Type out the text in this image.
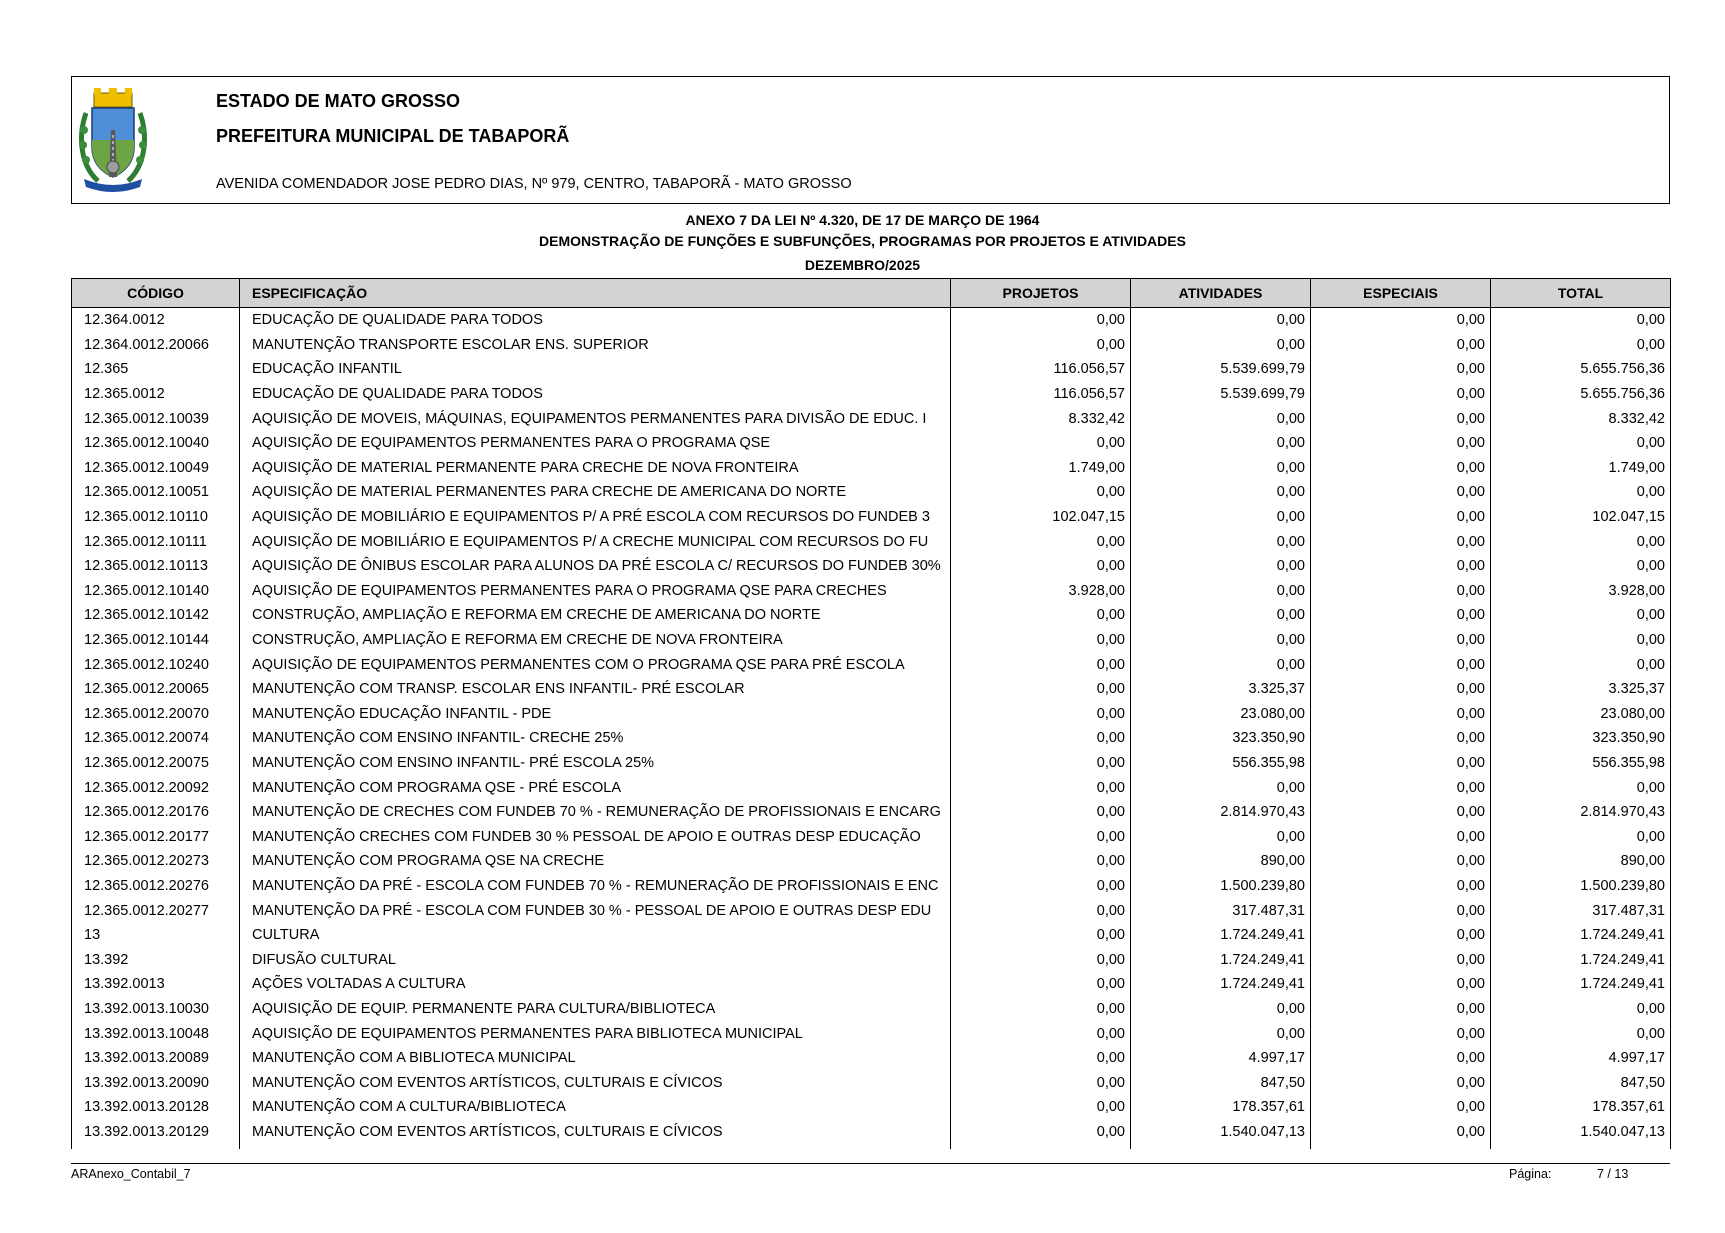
ESTADO DE MATO GROSSO
PREFEITURA MUNICIPAL DE TABAPORÃ
AVENIDA COMENDADOR JOSE PEDRO DIAS, Nº 979, CENTRO, TABAPORÃ - MATO GROSSO
ANEXO 7 DA LEI Nº 4.320, DE 17 DE MARÇO DE 1964
DEMONSTRAÇÃO DE FUNÇÕES E SUBFUNÇÕES, PROGRAMAS POR PROJETOS E ATIVIDADES
DEZEMBRO/2025
CÓDIGO	ESPECIFICAÇÃO	PROJETOS	ATIVIDADES	ESPECIAIS	TOTAL
12.364.0012	EDUCAÇÃO DE QUALIDADE PARA TODOS	0,00	0,00	0,00	0,00
12.364.0012.20066	MANUTENÇÃO TRANSPORTE ESCOLAR ENS. SUPERIOR	0,00	0,00	0,00	0,00
12.365	EDUCAÇÃO INFANTIL	116.056,57	5.539.699,79	0,00	5.655.756,36
12.365.0012	EDUCAÇÃO DE QUALIDADE PARA TODOS	116.056,57	5.539.699,79	0,00	5.655.756,36
12.365.0012.10039	AQUISIÇÃO DE MOVEIS, MÁQUINAS, EQUIPAMENTOS PERMANENTES PARA DIVISÃO DE EDUC. I	8.332,42	0,00	0,00	8.332,42
12.365.0012.10040	AQUISIÇÃO DE EQUIPAMENTOS PERMANENTES PARA O PROGRAMA QSE	0,00	0,00	0,00	0,00
12.365.0012.10049	AQUISIÇÃO DE MATERIAL PERMANENTE PARA CRECHE DE NOVA FRONTEIRA	1.749,00	0,00	0,00	1.749,00
12.365.0012.10051	AQUISIÇÃO DE MATERIAL PERMANENTES PARA CRECHE DE AMERICANA DO NORTE	0,00	0,00	0,00	0,00
12.365.0012.10110	AQUISIÇÃO DE MOBILIÁRIO E EQUIPAMENTOS P/ A PRÉ ESCOLA COM RECURSOS DO FUNDEB 3	102.047,15	0,00	0,00	102.047,15
12.365.0012.10111	AQUISIÇÃO DE MOBILIÁRIO E EQUIPAMENTOS P/ A CRECHE MUNICIPAL COM RECURSOS DO FU	0,00	0,00	0,00	0,00
12.365.0012.10113	AQUISIÇÃO DE ÔNIBUS ESCOLAR PARA ALUNOS DA PRÉ ESCOLA C/ RECURSOS DO FUNDEB 30%	0,00	0,00	0,00	0,00
12.365.0012.10140	AQUISIÇÃO DE EQUIPAMENTOS PERMANENTES PARA O PROGRAMA QSE PARA CRECHES	3.928,00	0,00	0,00	3.928,00
12.365.0012.10142	CONSTRUÇÃO, AMPLIAÇÃO E REFORMA EM CRECHE DE AMERICANA DO NORTE	0,00	0,00	0,00	0,00
12.365.0012.10144	CONSTRUÇÃO, AMPLIAÇÃO E REFORMA EM CRECHE DE NOVA FRONTEIRA	0,00	0,00	0,00	0,00
12.365.0012.10240	AQUISIÇÃO DE EQUIPAMENTOS PERMANENTES COM O PROGRAMA QSE PARA PRÉ ESCOLA	0,00	0,00	0,00	0,00
12.365.0012.20065	MANUTENÇÃO COM TRANSP. ESCOLAR ENS INFANTIL- PRÉ ESCOLAR	0,00	3.325,37	0,00	3.325,37
12.365.0012.20070	MANUTENÇÃO EDUCAÇÃO INFANTIL - PDE	0,00	23.080,00	0,00	23.080,00
12.365.0012.20074	MANUTENÇÃO COM ENSINO INFANTIL- CRECHE 25%	0,00	323.350,90	0,00	323.350,90
12.365.0012.20075	MANUTENÇÃO COM ENSINO INFANTIL- PRÉ ESCOLA 25%	0,00	556.355,98	0,00	556.355,98
12.365.0012.20092	MANUTENÇÃO COM PROGRAMA QSE - PRÉ ESCOLA	0,00	0,00	0,00	0,00
12.365.0012.20176	MANUTENÇÃO DE CRECHES COM FUNDEB 70 % - REMUNERAÇÃO DE PROFISSIONAIS E ENCARG	0,00	2.814.970,43	0,00	2.814.970,43
12.365.0012.20177	MANUTENÇÃO CRECHES COM FUNDEB 30 % PESSOAL DE APOIO E OUTRAS DESP EDUCAÇÃO	0,00	0,00	0,00	0,00
12.365.0012.20273	MANUTENÇÃO COM PROGRAMA QSE NA CRECHE	0,00	890,00	0,00	890,00
12.365.0012.20276	MANUTENÇÃO DA PRÉ - ESCOLA COM FUNDEB 70 % - REMUNERAÇÃO DE PROFISSIONAIS E ENC	0,00	1.500.239,80	0,00	1.500.239,80
12.365.0012.20277	MANUTENÇÃO DA PRÉ - ESCOLA COM FUNDEB 30 % - PESSOAL DE APOIO E OUTRAS DESP EDU	0,00	317.487,31	0,00	317.487,31
13	CULTURA	0,00	1.724.249,41	0,00	1.724.249,41
13.392	DIFUSÃO CULTURAL	0,00	1.724.249,41	0,00	1.724.249,41
13.392.0013	AÇÕES VOLTADAS A CULTURA	0,00	1.724.249,41	0,00	1.724.249,41
13.392.0013.10030	AQUISIÇÃO DE EQUIP. PERMANENTE PARA CULTURA/BIBLIOTECA	0,00	0,00	0,00	0,00
13.392.0013.10048	AQUISIÇÃO DE EQUIPAMENTOS PERMANENTES PARA BIBLIOTECA MUNICIPAL	0,00	0,00	0,00	0,00
13.392.0013.20089	MANUTENÇÃO COM A BIBLIOTECA MUNICIPAL	0,00	4.997,17	0,00	4.997,17
13.392.0013.20090	MANUTENÇÃO COM EVENTOS ARTÍSTICOS, CULTURAIS E CÍVICOS	0,00	847,50	0,00	847,50
13.392.0013.20128	MANUTENÇÃO COM A CULTURA/BIBLIOTECA	0,00	178.357,61	0,00	178.357,61
13.392.0013.20129	MANUTENÇÃO COM EVENTOS ARTÍSTICOS, CULTURAIS E CÍVICOS	0,00	1.540.047,13	0,00	1.540.047,13
ARAnexo_Contabil_7	Página:	7 / 13
